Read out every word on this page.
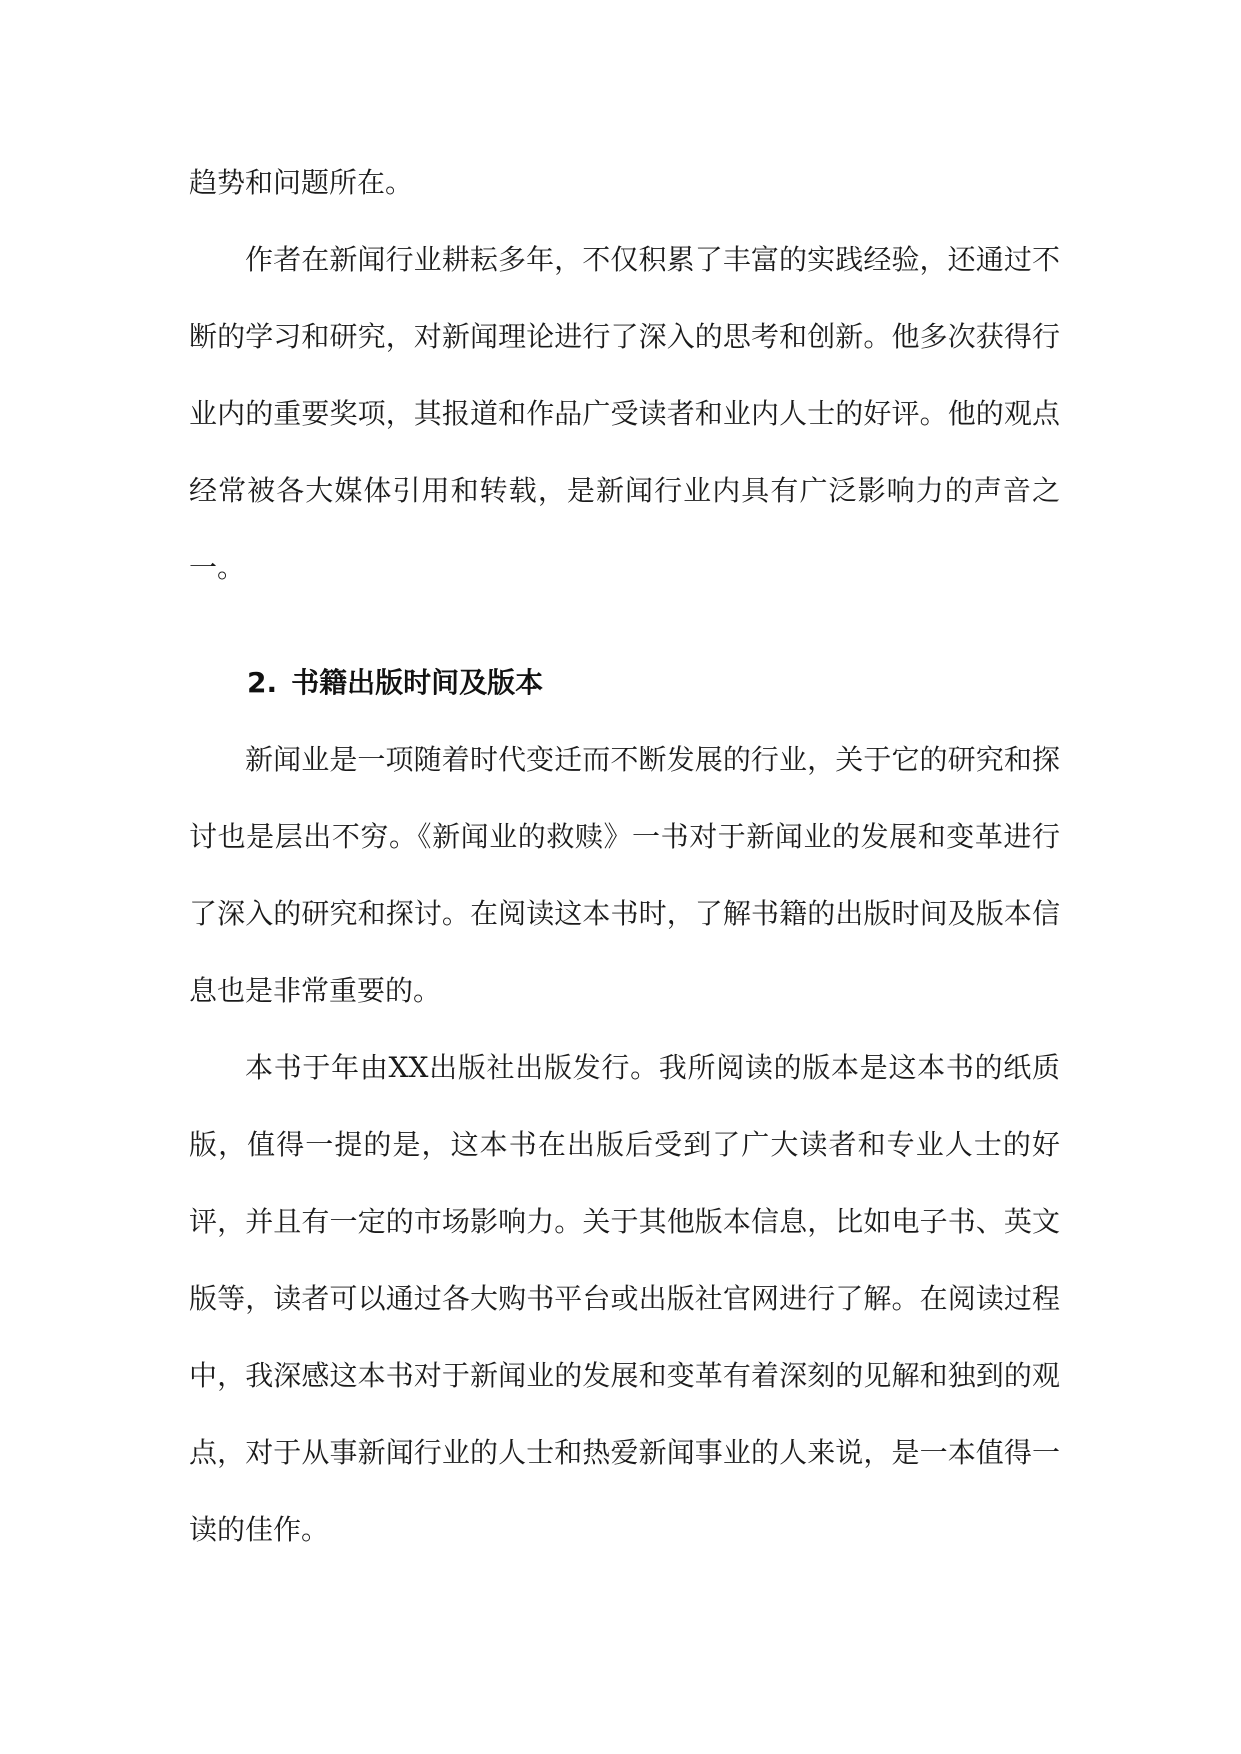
趋势和问题所在。

作者在新闻行业耕耘多年，不仅积累了丰富的实践经验，还通过不断的学习和研究，对新闻理论进行了深入的思考和创新。他多次获得行业内的重要奖项，其报道和作品广受读者和业内人士的好评。他的观点经常被各大媒体引用和转载，是新闻行业内具有广泛影响力的声音之一。

2. 书籍出版时间及版本

新闻业是一项随着时代变迁而不断发展的行业，关于它的研究和探讨也是层出不穷。《新闻业的救赎》一书对于新闻业的发展和变革进行了深入的研究和探讨。在阅读这本书时，了解书籍的出版时间及版本信息也是非常重要的。

本书于年由XX出版社出版发行。我所阅读的版本是这本书的纸质版，值得一提的是，这本书在出版后受到了广大读者和专业人士的好评，并且有一定的市场影响力。关于其他版本信息，比如电子书、英文版等，读者可以通过各大购书平台或出版社官网进行了解。在阅读过程中，我深感这本书对于新闻业的发展和变革有着深刻的见解和独到的观点，对于从事新闻行业的人士和热爱新闻事业的人来说，是一本值得一读的佳作。
